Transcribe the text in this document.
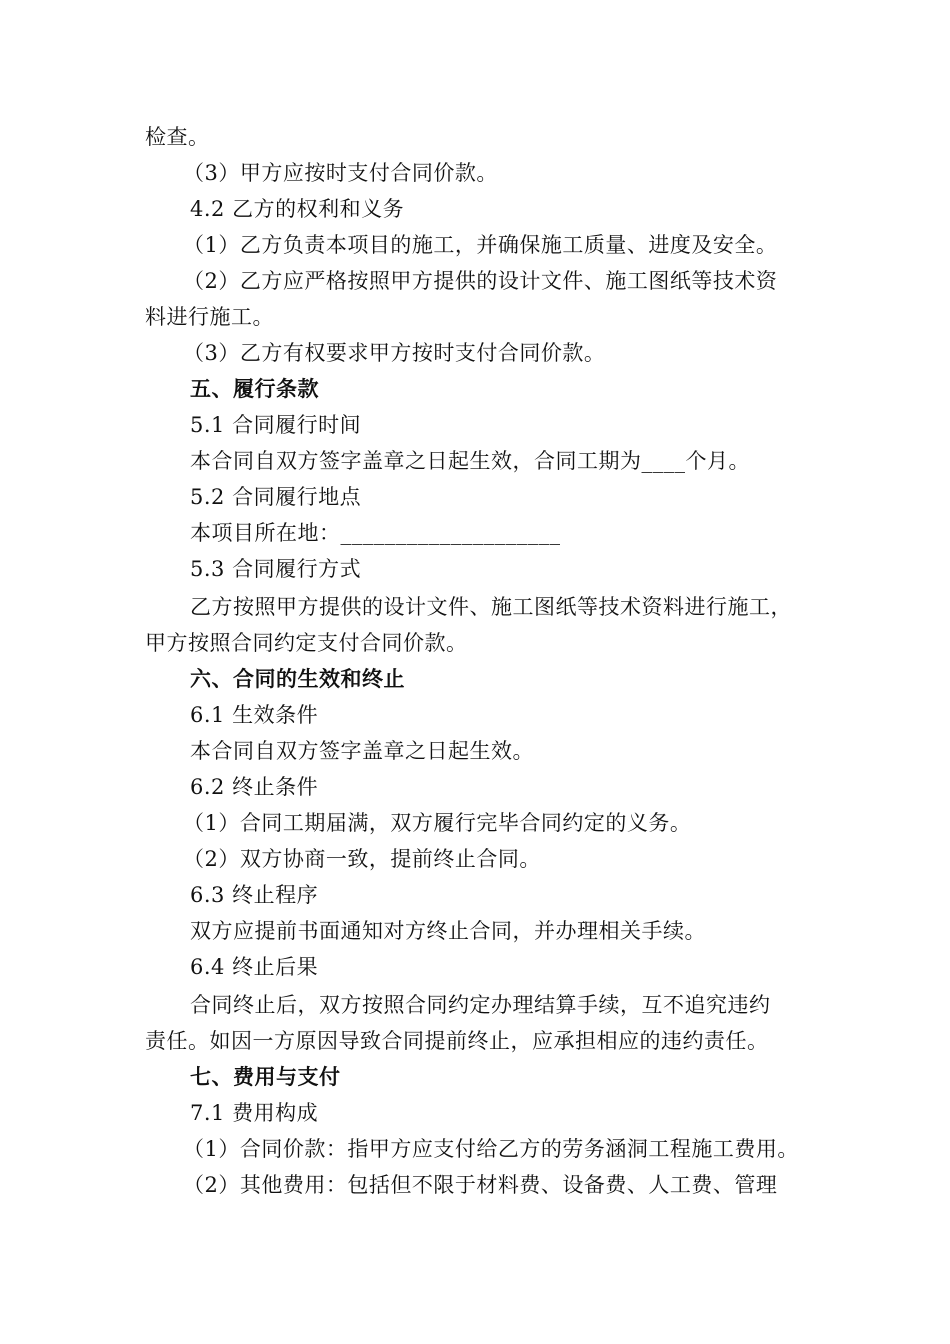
检查。
（3）甲方应按时支付合同价款。
4.2 乙方的权利和义务
（1）乙方负责本项目的施工，并确保施工质量、进度及安全。
（2）乙方应严格按照甲方提供的设计文件、施工图纸等技术资
料进行施工。
（3）乙方有权要求甲方按时支付合同价款。
五、履行条款
5.1 合同履行时间
本合同自双方签字盖章之日起生效，合同工期为____个月。
5.2 合同履行地点
本项目所在地：____________________
5.3 合同履行方式
乙方按照甲方提供的设计文件、施工图纸等技术资料进行施工，
甲方按照合同约定支付合同价款。
六、合同的生效和终止
6.1 生效条件
本合同自双方签字盖章之日起生效。
6.2 终止条件
（1）合同工期届满，双方履行完毕合同约定的义务。
（2）双方协商一致，提前终止合同。
6.3 终止程序
双方应提前书面通知对方终止合同，并办理相关手续。
6.4 终止后果
合同终止后，双方按照合同约定办理结算手续，互不追究违约
责任。如因一方原因导致合同提前终止，应承担相应的违约责任。
七、费用与支付
7.1 费用构成
（1）合同价款：指甲方应支付给乙方的劳务涵洞工程施工费用。
（2）其他费用：包括但不限于材料费、设备费、人工费、管理
